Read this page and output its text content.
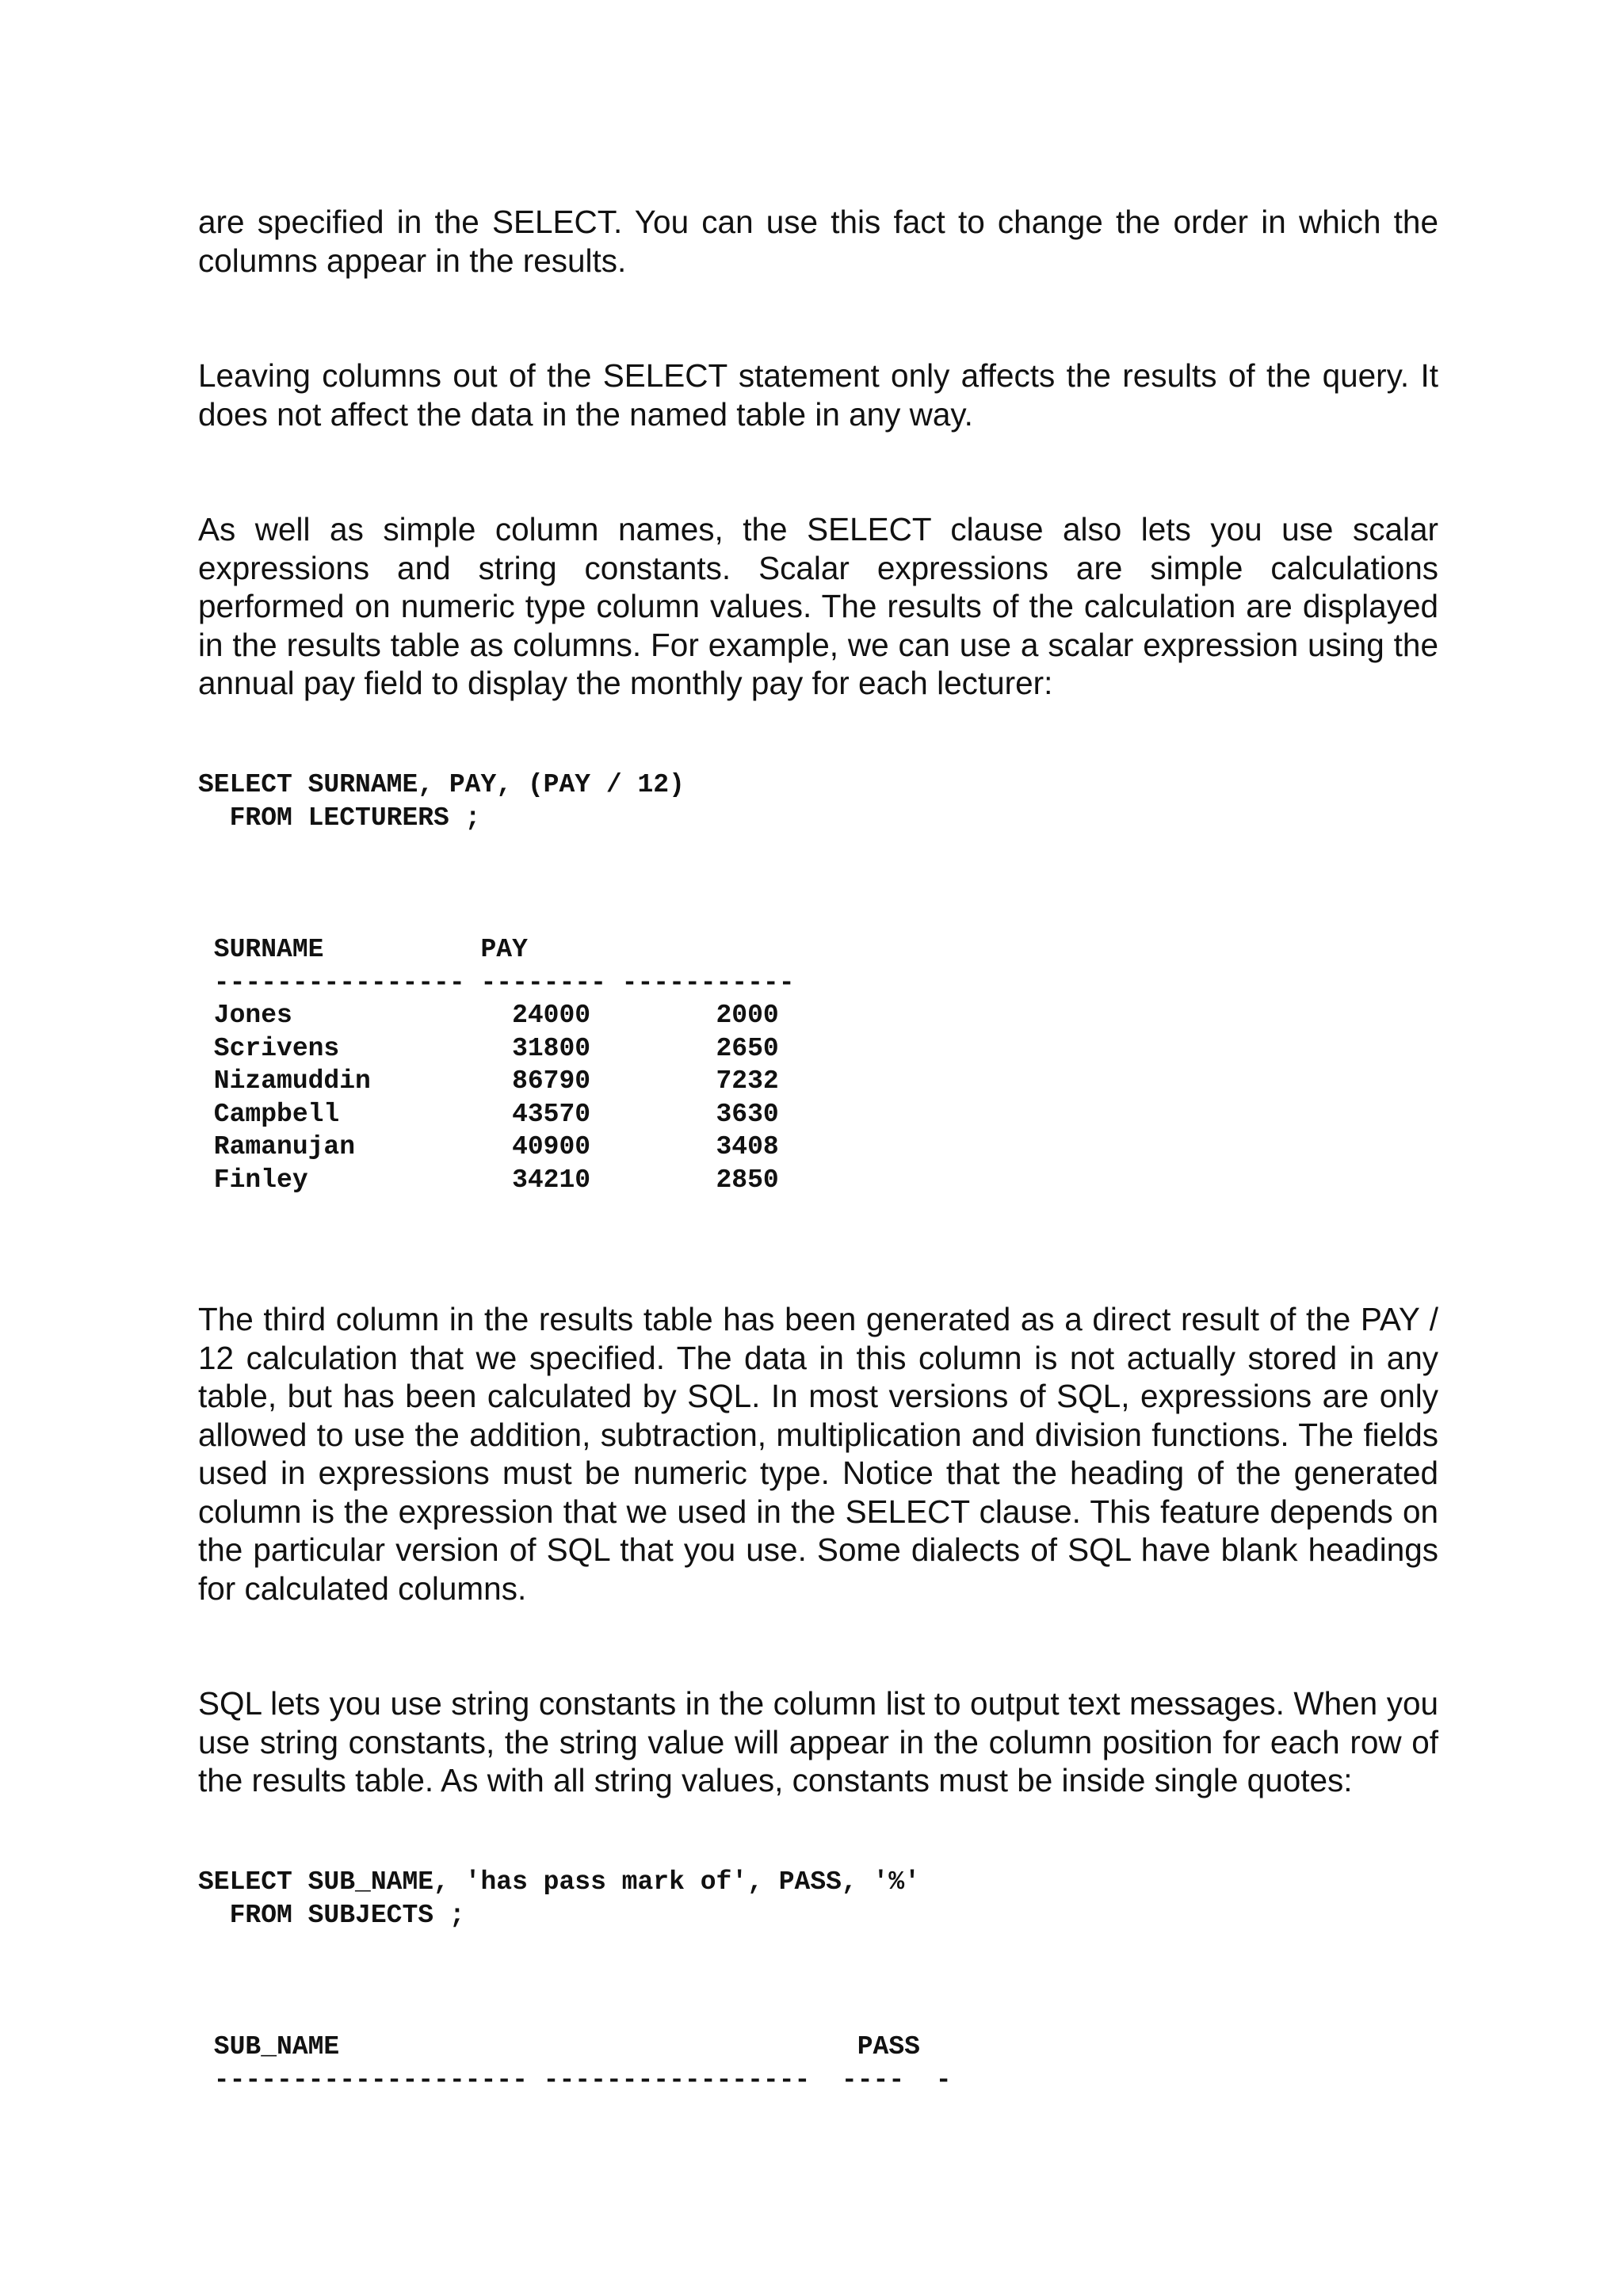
are specified in the SELECT. You can use this fact to change the order in which the columns appear in the results.

Leaving columns out of the SELECT statement only affects the results of the query. It does not affect the data in the named table in any way.

As well as simple column names, the SELECT clause also lets you use scalar expressions and string constants. Scalar expressions are simple calculations performed on numeric type column values. The results of the calculation are displayed in the results table as columns. For example, we can use a scalar expression using the annual pay field to display the monthly pay for each lecturer:

SELECT SURNAME, PAY, (PAY / 12)
FROM LECTURERS ;
SURNAME          PAY
---------------- -------- -----------
Jones              24000        2000
Scrivens           31800        2650
Nizamuddin         86790        7232
Campbell           43570        3630
Ramanujan          40900        3408
Finley             34210        2850

The third column in the results table has been generated as a direct result of the PAY / 12 calculation that we specified. The data in this column is not actually stored in any table, but has been calculated by SQL. In most versions of SQL, expressions are only allowed to use the addition, subtraction, multiplication and division functions. The fields used in expressions must be numeric type. Notice that the heading of the generated column is the expression that we used in the SELECT clause. This feature depends on the particular version of SQL that you use. Some dialects of SQL have blank headings for calculated columns.

SQL lets you use string constants in the column list to output text messages. When you use string constants, the string value will appear in the column position for each row of the results table. As with all string values, constants must be inside single quotes:

SELECT SUB_NAME, 'has pass mark of', PASS, '%'
FROM SUBJECTS ;
SUB_NAME                                 PASS
-------------------- -----------------  ----  -
